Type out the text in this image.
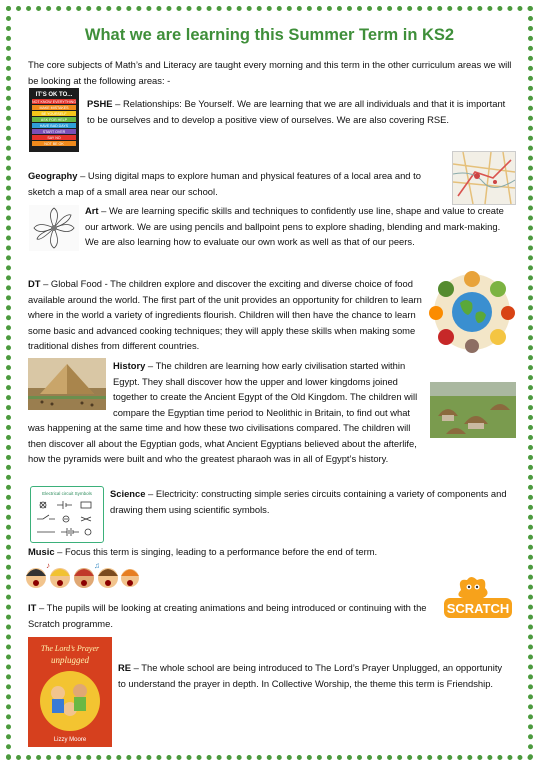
What we are learning this Summer Term in KS2
The core subjects of Math’s and Literacy are taught every morning and this term in the other curriculum areas we will be looking at the following areas: -
IT’S OK TO...
NOT KNOW EVERYTHING
MAKE MISTAKES
BE YOURSELF
ASK FOR HELP
HAVE BAD DAYS
START OVER
SAY NO
NOT BE OK
PSHE – Relationships: Be Yourself. We are learning that we are all individuals and that it is important to be ourselves and to develop a positive view of ourselves. We are also covering RSE.
Geography – Using digital maps to explore human and physical features of a local area and to sketch a map of a small area near our school.
Art – We are learning specific skills and techniques to confidently use line, shape and value to create our artwork. We are using pencils and ballpoint pens to explore shading, blending and mark-making. We are also learning how to evaluate our own work as well as that of our peers.
DT – Global Food - The children explore and discover the exciting and diverse choice of food available around the world. The first part of the unit provides an opportunity for children to learn where in the world a variety of ingredients flourish. Children will then have the chance to learn some basic and advanced cooking techniques; they will apply these skills when making some traditional dishes from different countries.
History – The children are learning how early civilisation started within Egypt. They shall discover how the upper and lower kingdoms joined together to create the Ancient Egypt of the Old Kingdom. The children will compare the Egyptian time period to Neolithic in Britain, to find out what was happening at the same time and how these two civilisations compared. The children will then discover all about the Egyptian gods, what Ancient Egyptians believed about the afterlife, how the pyramids were built and who the greatest pharaoh was in all of Egypt’s history.
Electrical circuit Symbols Science – Electricity: constructing simple series circuits containing a variety of components and drawing them using scientific symbols.
Music – Focus this term is singing, leading to a performance before the end of term.
♪	♫
IT – The pupils will be looking at creating animations and being introduced or continuing with the Scratch programme.
SCRATCH
The Lord’s Prayer
unplugged
Lizzy Moore
RE – The whole school are being introduced to The Lord’s Prayer Unplugged, an opportunity to understand the prayer in depth. In Collective Worship, the theme this term is Friendship.
